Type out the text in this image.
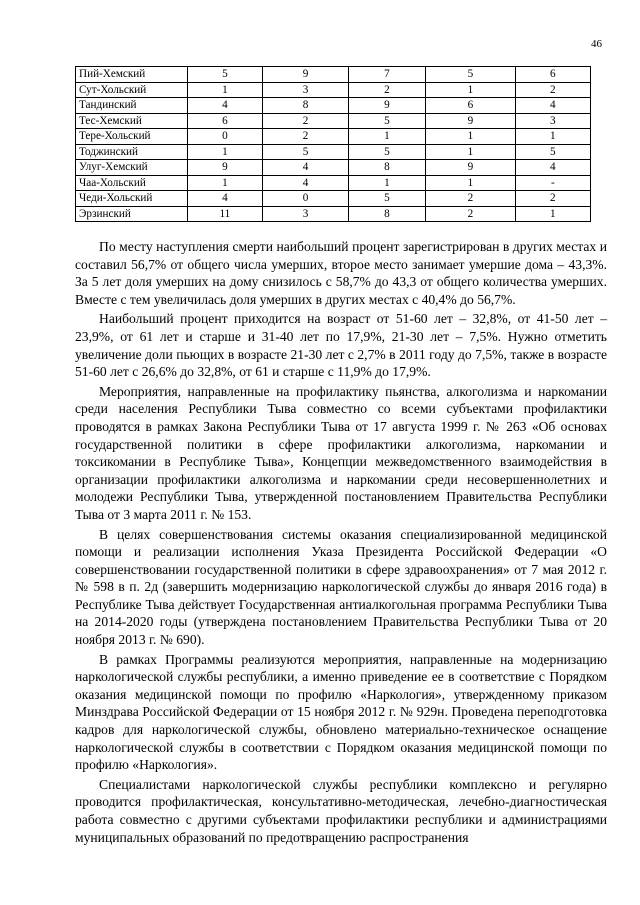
46
Пий-Хемский	5	9	7	5	6
Сут-Хольский	1	3	2	1	2
Тандинский	4	8	9	6	4
Тес-Хемский	6	2	5	9	3
Тере-Хольский	0	2	1	1	1
Тоджинский	1	5	5	1	5
Улуг-Хемский	9	4	8	9	4
Чаа-Хольский	1	4	1	1	-
Чеди-Хольский	4	0	5	2	2
Эрзинский	11	3	8	2	1

По месту наступления смерти наибольший процент зарегистрирован в других местах и составил 56,7% от общего числа умерших, второе место занимает умершие дома – 43,3%. За 5 лет доля умерших на дому снизилось с 58,7% до 43,3 от общего количества умерших. Вместе с тем увеличилась доля умерших в других местах с 40,4% до 56,7%.

Наибольший процент приходится на возраст от 51-60 лет – 32,8%, от 41-50 лет – 23,9%, от 61 лет и старше и 31-40 лет по 17,9%, 21-30 лет – 7,5%. Нужно отметить увеличение доли пьющих в возрасте 21-30 лет с 2,7% в 2011 году до 7,5%, также в возрасте 51-60 лет с 26,6% до 32,8%, от 61 и старше с 11,9% до 17,9%.

Мероприятия, направленные на профилактику пьянства, алкоголизма и наркомании среди населения Республики Тыва совместно со всеми субъектами профилактики проводятся в рамках Закона Республики Тыва от 17 августа 1999 г. № 263 «Об основах государственной политики в сфере профилактики алкоголизма, наркомании и токсикомании в Республике Тыва», Концепции межведомственного взаимодействия в организации профилактики алкоголизма и наркомании среди несовершеннолетних и молодежи Республики Тыва, утвержденной постановлением Правительства Республики Тыва от 3 марта 2011 г. № 153.

В целях совершенствования системы оказания специализированной медицинской помощи и реализации исполнения Указа Президента Российской Федерации «О совершенствовании государственной политики в сфере здравоохранения» от 7 мая 2012 г. № 598 в п. 2д (завершить модернизацию наркологической службы до января 2016 года) в Республике Тыва действует Государственная антиалкогольная программа Республики Тыва на 2014-2020 годы (утверждена постановлением Правительства Республики Тыва от 20 ноября 2013 г. № 690).

В рамках Программы реализуются мероприятия, направленные на модернизацию наркологической службы республики, а именно приведение ее в соответствие с Порядком оказания медицинской помощи по профилю «Наркология», утвержденному приказом Минздрава Российской Федерации от 15 ноября 2012 г. № 929н. Проведена переподготовка кадров для наркологической службы, обновлено материально-техническое оснащение наркологической службы в соответствии с Порядком оказания медицинской помощи по профилю «Наркология».

Специалистами наркологической службы республики комплексно и регулярно проводится профилактическая, консультативно-методическая, лечебно-диагностическая работа совместно с другими субъектами профилактики республики и администрациями муниципальных образований по предотвращению распространения
